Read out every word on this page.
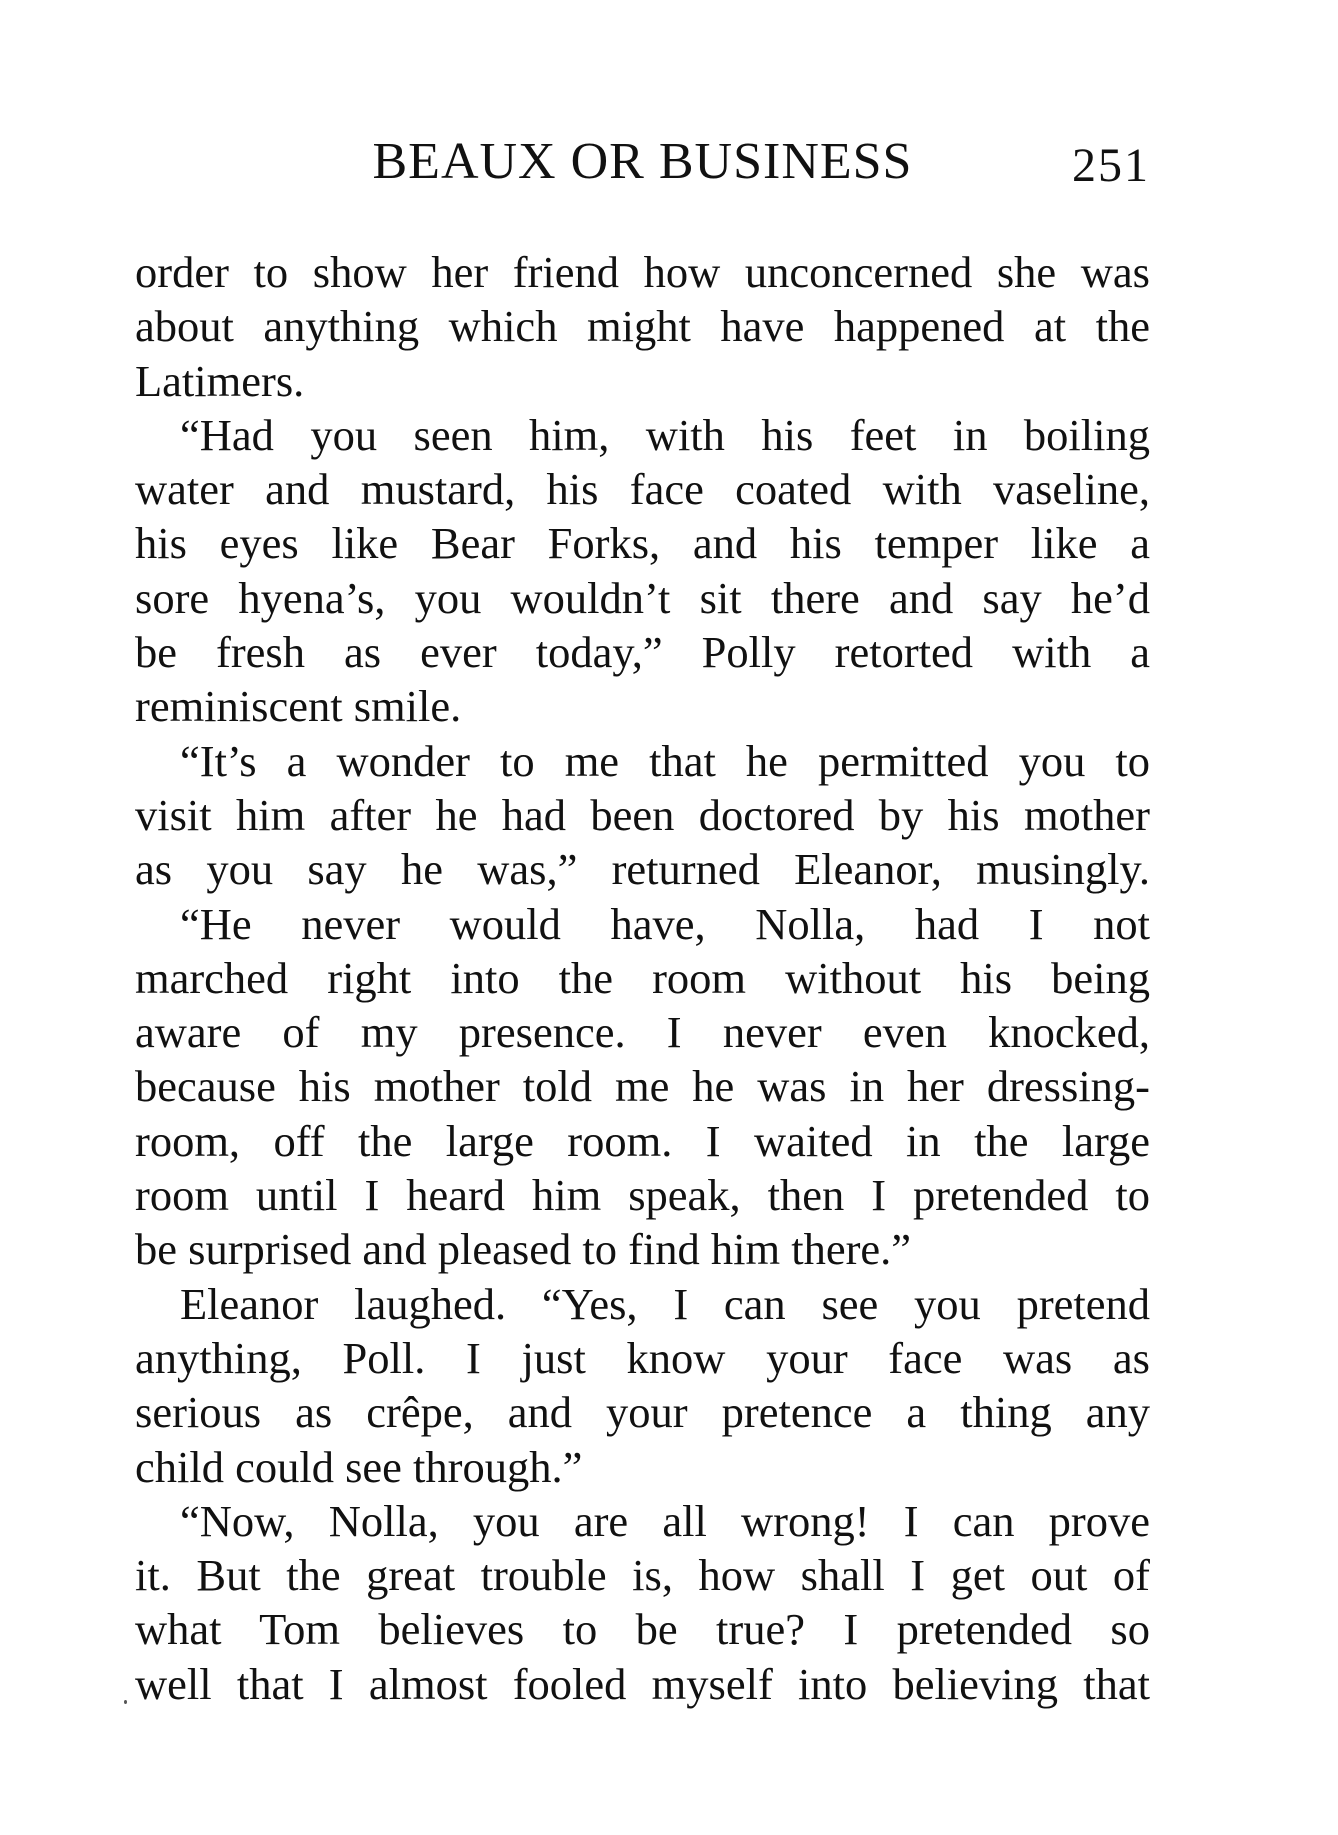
BEAUX OR BUSINESS	251
order to show her friend how unconcerned she was
about anything which might have happened at the
Latimers.
“Had you seen him, with his feet in boiling
water and mustard, his face coated with vaseline,
his eyes like Bear Forks, and his temper like a
sore hyena’s, you wouldn’t sit there and say he’d
be fresh as ever today,” Polly retorted with a
reminiscent smile.
“It’s a wonder to me that he permitted you to
visit him after he had been doctored by his mother
as you say he was,” returned Eleanor, musingly.
“He never would have, Nolla, had I not
marched right into the room without his being
aware of my presence. I never even knocked,
because his mother told me he was in her dressing-
room, off the large room. I waited in the large
room until I heard him speak, then I pretended to
be surprised and pleased to find him there.”
Eleanor laughed. “Yes, I can see you pretend
anything, Poll. I just know your face was as
serious as crêpe, and your pretence a thing any
child could see through.”
“Now, Nolla, you are all wrong! I can prove
it. But the great trouble is, how shall I get out of
what Tom believes to be true? I pretended so
well that I almost fooled myself into believing that
